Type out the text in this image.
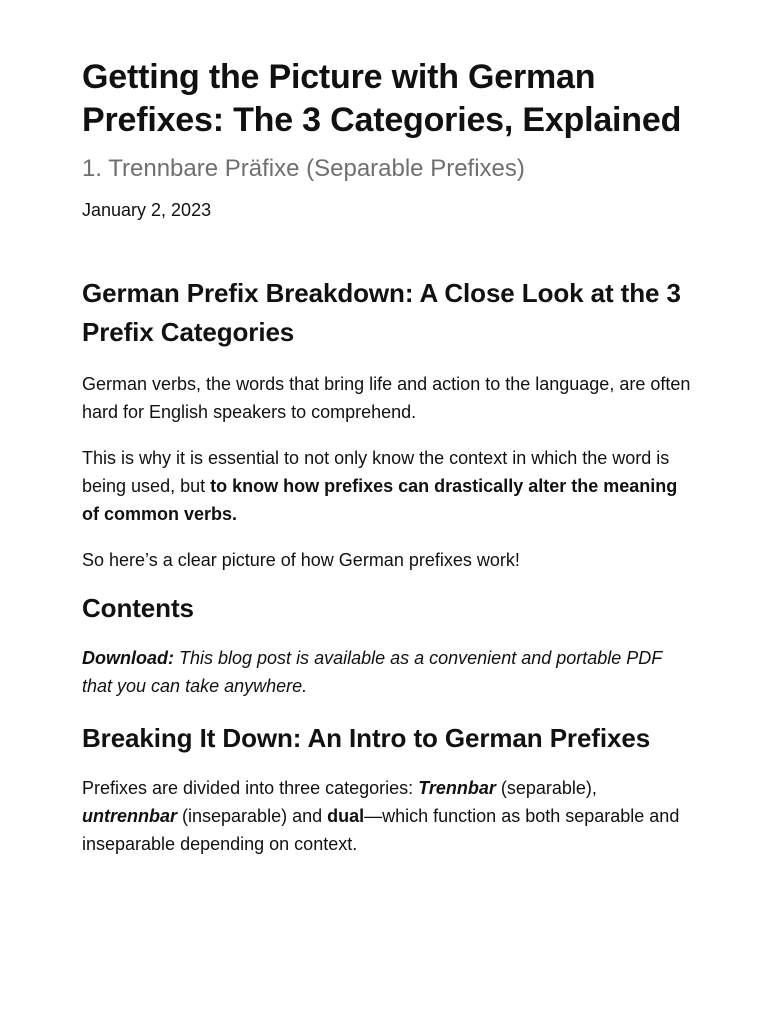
Getting the Picture with German Prefixes: The 3 Categories, Explained
1. Trennbare Präfixe (Separable Prefixes)
January 2, 2023
German Prefix Breakdown: A Close Look at the 3 Prefix Categories

German verbs, the words that bring life and action to the language, are often hard for English speakers to comprehend.

This is why it is essential to not only know the context in which the word is being used, but to know how prefixes can drastically alter the meaning of common verbs.

So here’s a clear picture of how German prefixes work!

Contents

Download: This blog post is available as a convenient and portable PDF that you can take anywhere.

Breaking It Down: An Intro to German Prefixes

Prefixes are divided into three categories: Trennbar (separable), untrennbar (inseparable) and dual—which function as both separable and inseparable depending on context.
